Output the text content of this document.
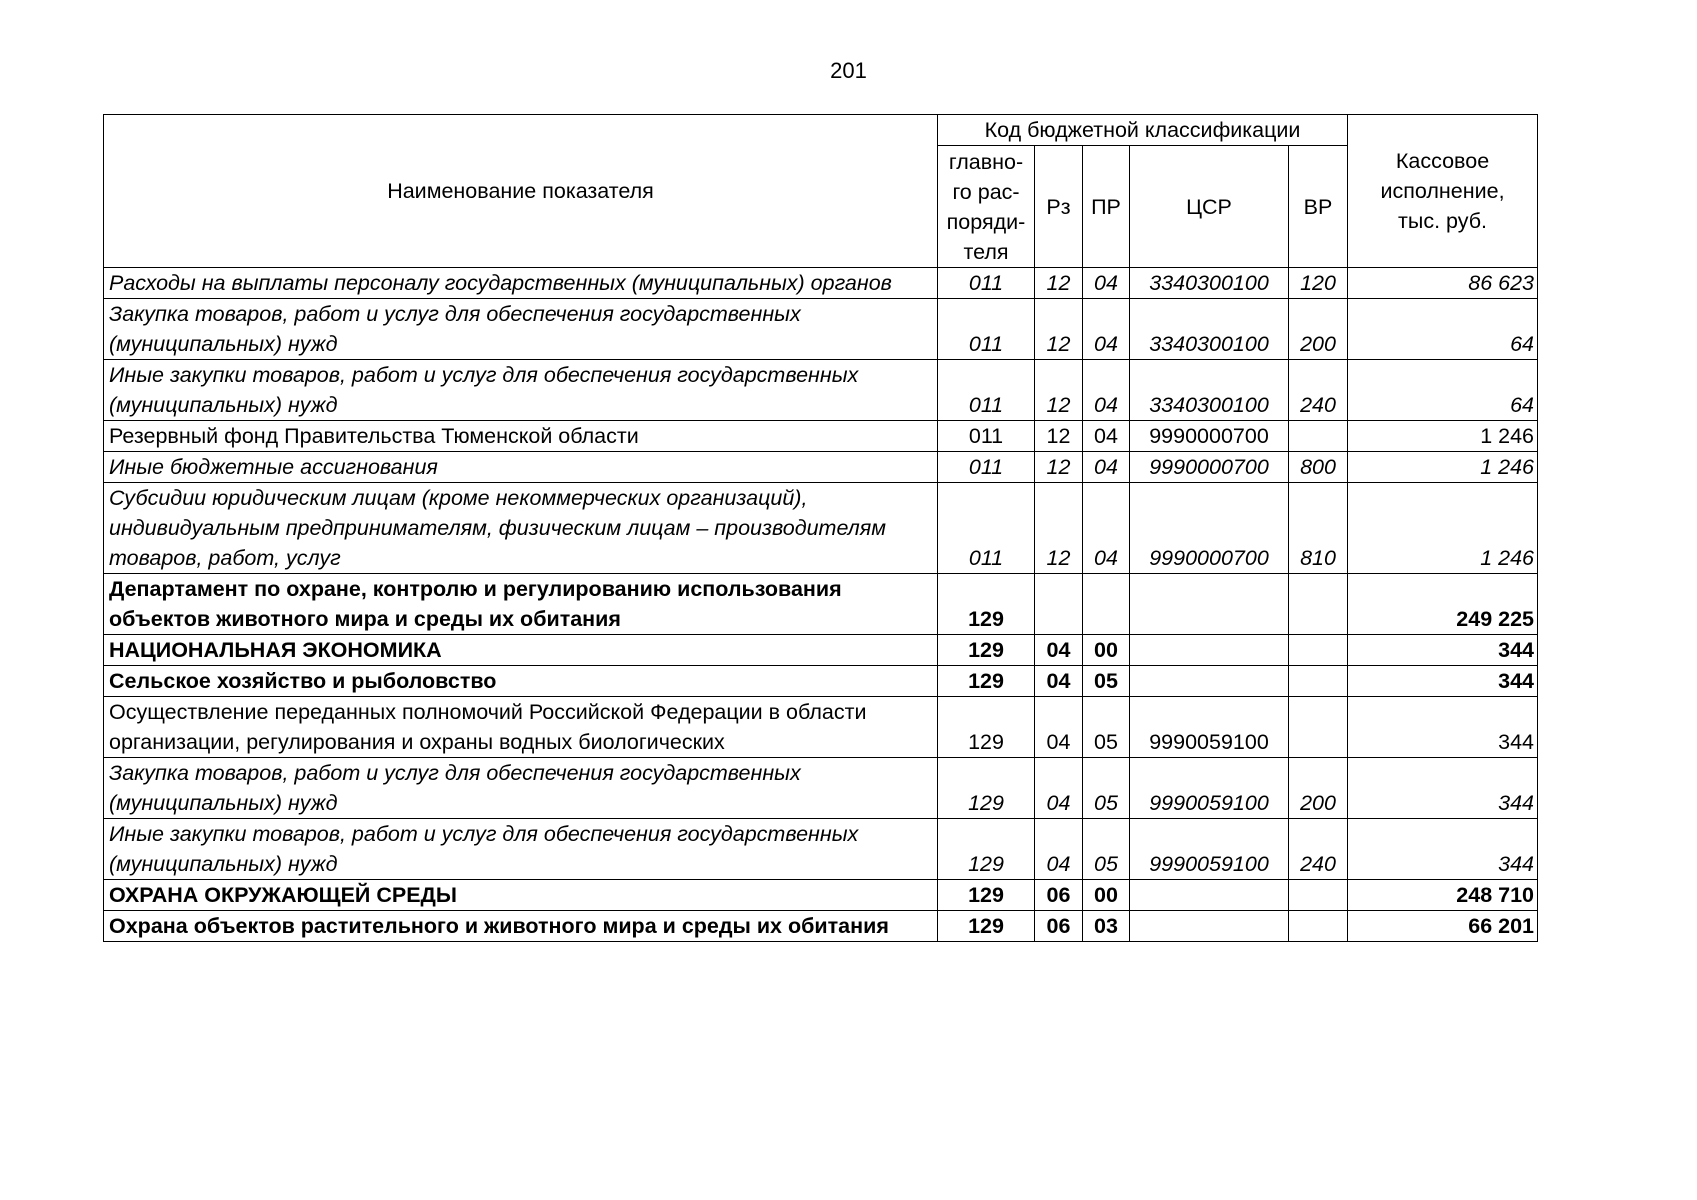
201
Наименование показателя	Код бюджетной классификации					Кассовое исполнение, тыс. руб.
	главно-го рас-поряди-теля	Рз	ПР	ЦСР	ВР	
Расходы на выплаты персоналу государственных (муниципальных) органов	011	12	04	3340300100	120	86 623
Закупка товаров, работ и услуг для обеспечения государственных (муниципальных) нужд	011	12	04	3340300100	200	64
Иные закупки товаров, работ и услуг для обеспечения государственных (муниципальных) нужд	011	12	04	3340300100	240	64
Резервный фонд Правительства Тюменской области	011	12	04	9990000700		1 246
Иные бюджетные ассигнования	011	12	04	9990000700	800	1 246
Субсидии юридическим лицам (кроме некоммерческих организаций), индивидуальным предпринимателям, физическим лицам – производителям товаров, работ, услуг	011	12	04	9990000700	810	1 246
Департамент по охране, контролю и регулированию использования объектов животного мира и среды их обитания	129					249 225
НАЦИОНАЛЬНАЯ ЭКОНОМИКА	129	04	00			344
Сельское хозяйство и рыболовство	129	04	05			344
Осуществление переданных полномочий Российской Федерации в области организации, регулирования и охраны водных биологических	129	04	05	9990059100		344
Закупка товаров, работ и услуг для обеспечения государственных (муниципальных) нужд	129	04	05	9990059100	200	344
Иные закупки товаров, работ и услуг для обеспечения государственных (муниципальных) нужд	129	04	05	9990059100	240	344
ОХРАНА ОКРУЖАЮЩЕЙ СРЕДЫ	129	06	00			248 710
Охрана объектов растительного и животного мира и среды их обитания	129	06	03			66 201
